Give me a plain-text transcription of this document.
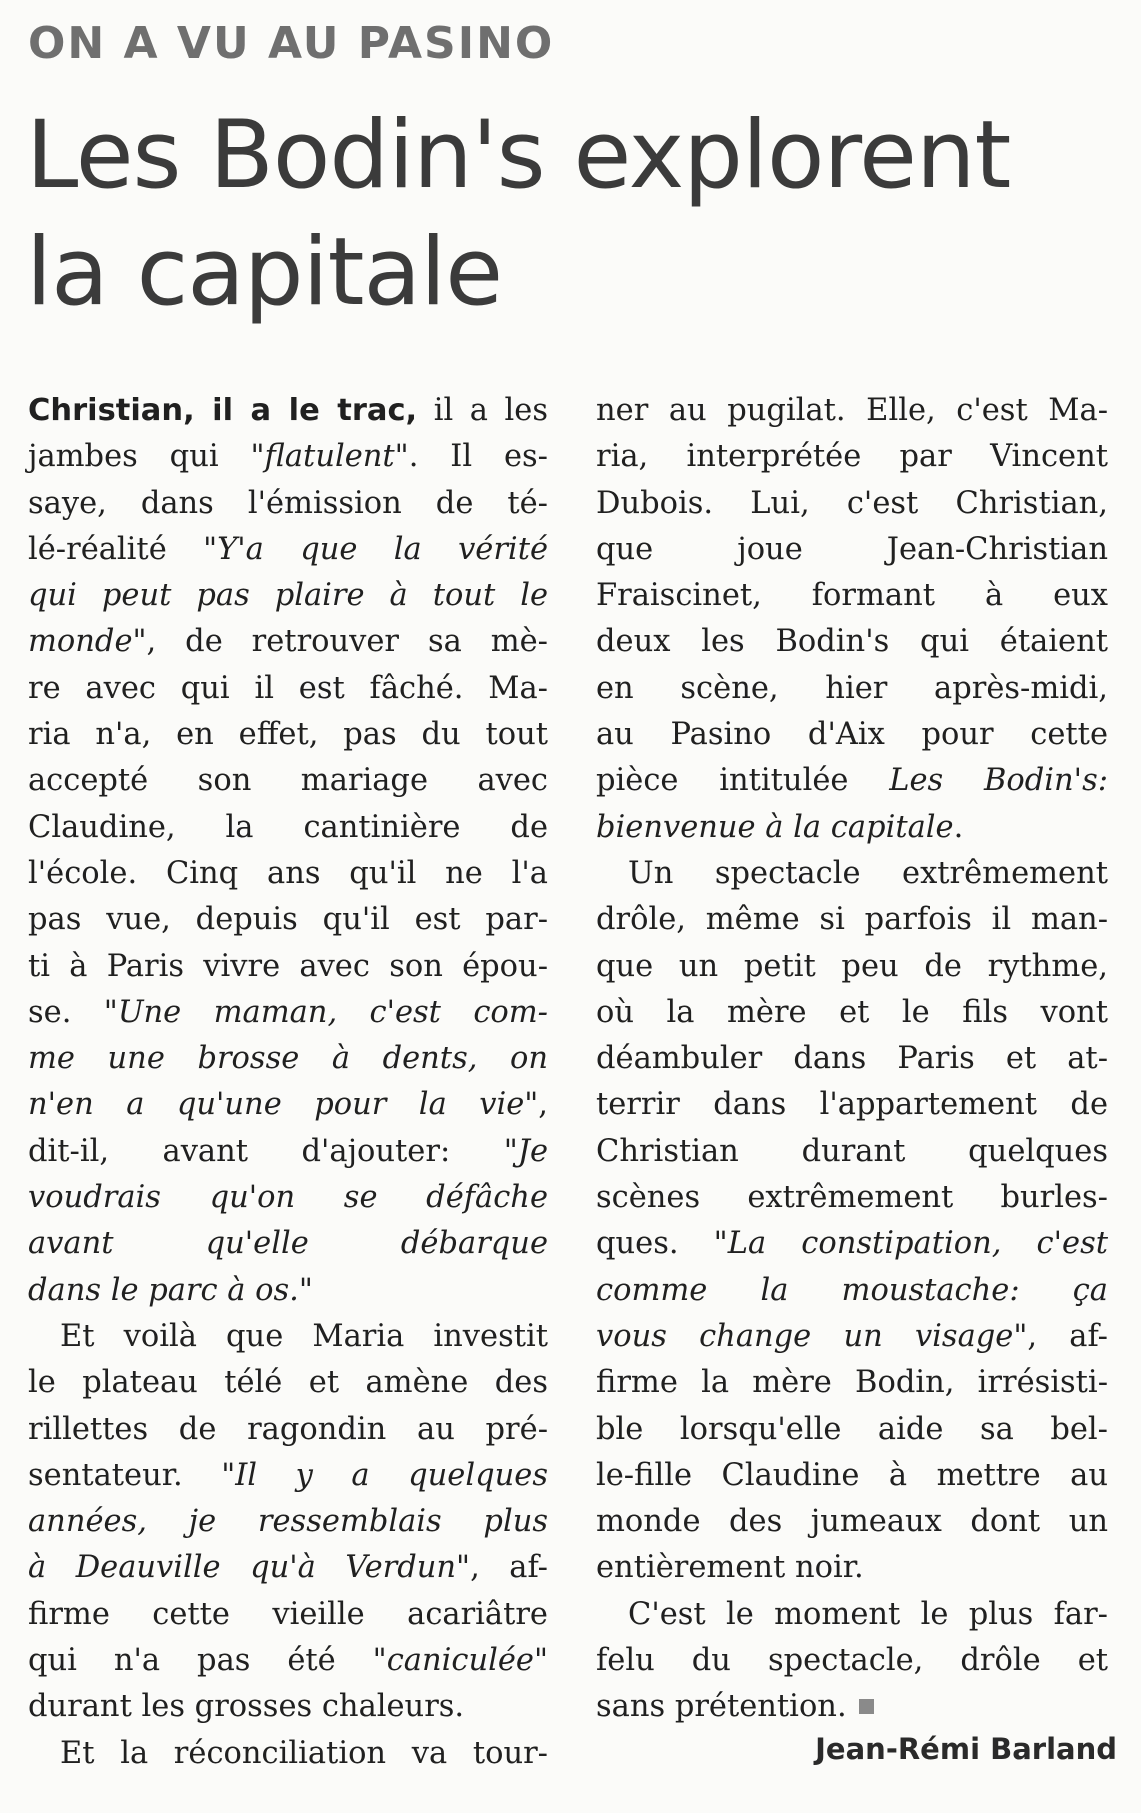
ON A VU AU PASINO
Les Bodin's explorent
la capitale
Christian, il a le trac, il a les
jambes qui "flatulent". Il es-
saye, dans l'émission de té-
lé-réalité "Y'a que la vérité
qui peut pas plaire à tout le
monde", de retrouver sa mè-
re avec qui il est fâché. Ma-
ria n'a, en effet, pas du tout
accepté son mariage avec
Claudine, la cantinière de
l'école. Cinq ans qu'il ne l'a
pas vue, depuis qu'il est par-
ti à Paris vivre avec son épou-
se. "Une maman, c'est com-
me une brosse à dents, on
n'en a qu'une pour la vie",
dit-il, avant d'ajouter: "Je
voudrais qu'on se défâche
avant qu'elle débarque
dans le parc à os."
Et voilà que Maria investit
le plateau télé et amène des
rillettes de ragondin au pré-
sentateur. "Il y a quelques
années, je ressemblais plus
à Deauville qu'à Verdun", af-
firme cette vieille acariâtre
qui n'a pas été "caniculée"
durant les grosses chaleurs.
Et la réconciliation va tour-
ner au pugilat. Elle, c'est Ma-
ria, interprétée par Vincent
Dubois. Lui, c'est Christian,
que joue Jean-Christian
Fraiscinet, formant à eux
deux les Bodin's qui étaient
en scène, hier après-midi,
au Pasino d'Aix pour cette
pièce intitulée Les Bodin's:
bienvenue à la capitale.
Un spectacle extrêmement
drôle, même si parfois il man-
que un petit peu de rythme,
où la mère et le fils vont
déambuler dans Paris et at-
terrir dans l'appartement de
Christian durant quelques
scènes extrêmement burles-
ques. "La constipation, c'est
comme la moustache: ça
vous change un visage", af-
firme la mère Bodin, irrésisti-
ble lorsqu'elle aide sa bel-
le-fille Claudine à mettre au
monde des jumeaux dont un
entièrement noir.
C'est le moment le plus far-
felu du spectacle, drôle et
sans prétention.
Jean-Rémi Barland
